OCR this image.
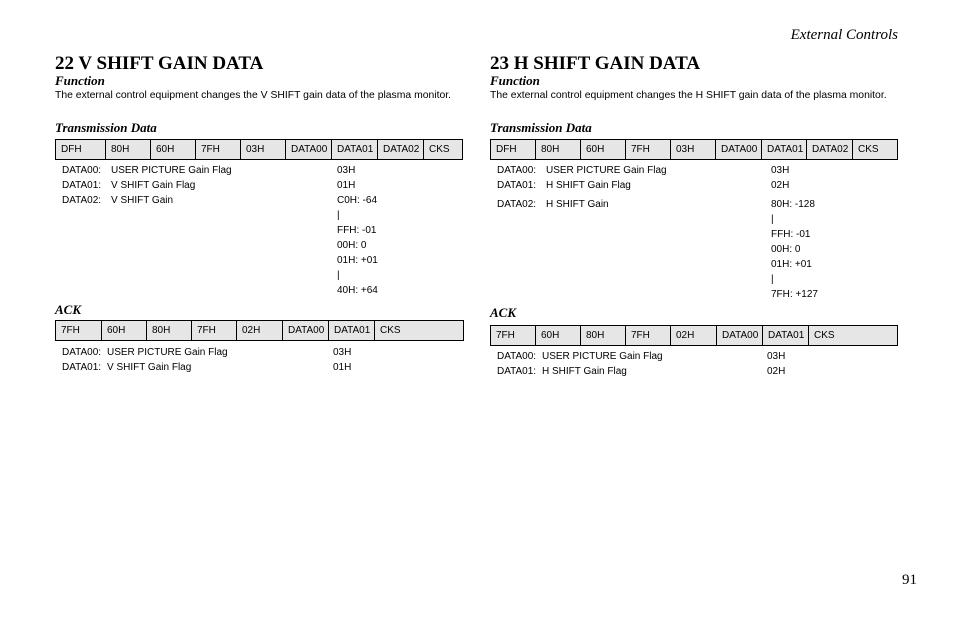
External Controls
22 V SHIFT GAIN DATA
Function
The external control equipment changes the V SHIFT gain data of the plasma monitor.
Transmission Data
DFH	80H	60H	7FH	03H	DATA00	DATA01	DATA02	CKS
DATA00: USER PICTURE Gain Flag	03H
DATA01: V SHIFT Gain Flag	01H
DATA02: V SHIFT Gain	C0H: -64
|
FFH: -01
00H: 0
01H: +01
|
40H: +64
ACK
7FH	60H	80H	7FH	02H	DATA00	DATA01	CKS
DATA00: USER PICTURE Gain Flag	03H
DATA01: V SHIFT Gain Flag	01H
23 H SHIFT GAIN DATA
Function
The external control equipment changes the H SHIFT gain data of the plasma monitor.
Transmission Data
DFH	80H	60H	7FH	03H	DATA00	DATA01	DATA02	CKS
DATA00: USER PICTURE Gain Flag	03H
DATA01: H SHIFT Gain Flag	02H
DATA02: H SHIFT Gain	80H: -128
|
FFH: -01
00H: 0
01H: +01
|
7FH: +127
ACK
7FH	60H	80H	7FH	02H	DATA00	DATA01	CKS
DATA00: USER PICTURE Gain Flag	03H
DATA01: H SHIFT Gain Flag	02H
91
